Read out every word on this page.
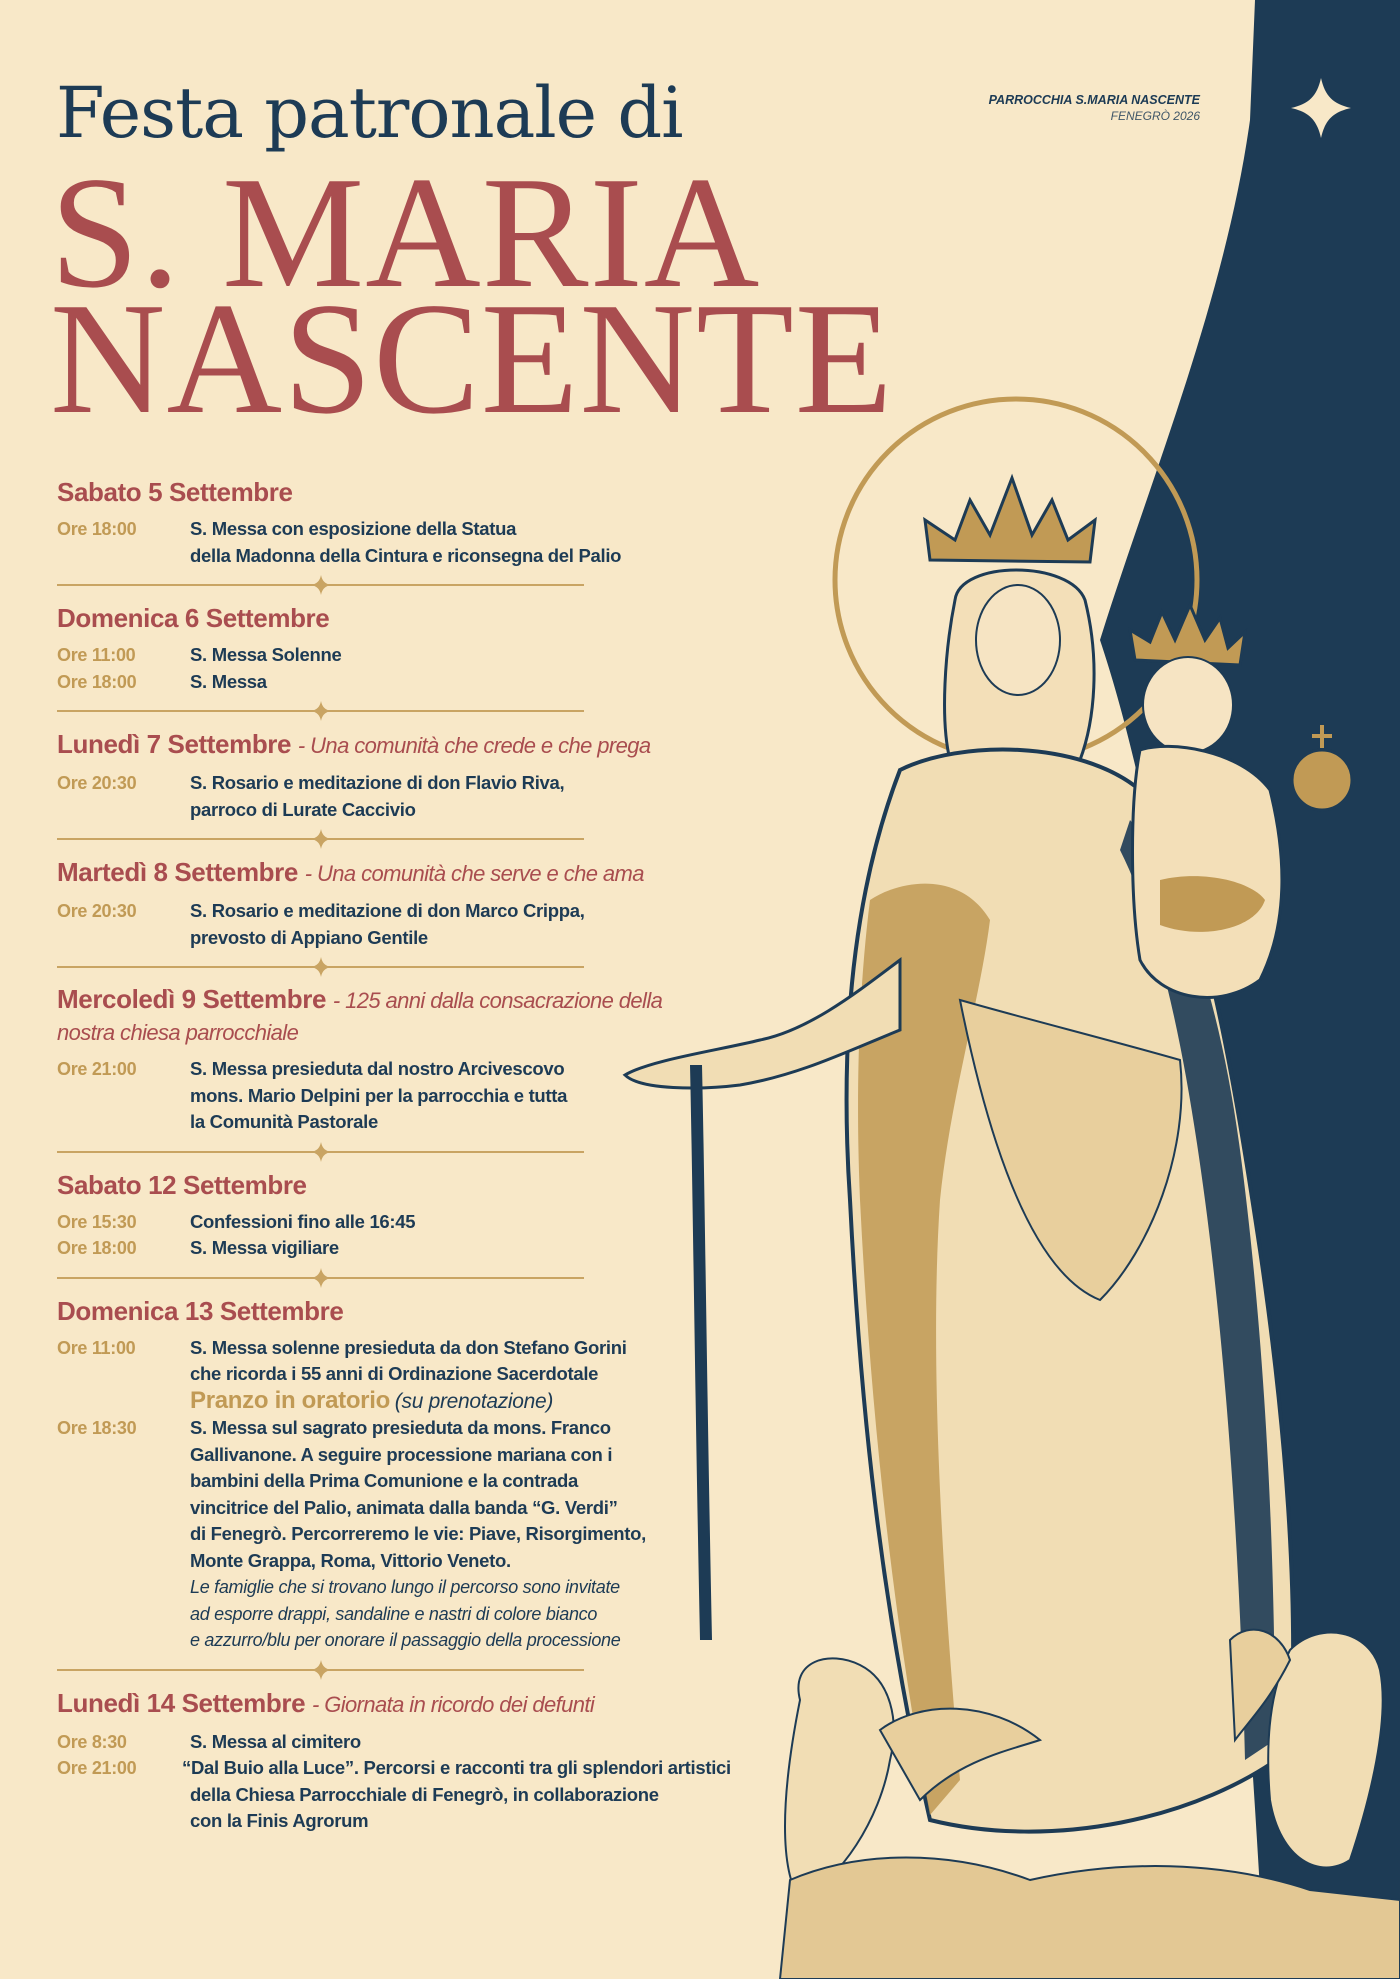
PARROCCHIA S.MARIA NASCENTE
FENEGRÒ 2026
Festa patronale di
S. MARIA
NASCENTE
Sabato 5 Settembre
Ore 18:00	S. Messa con esposizione della Statua
della Madonna della Cintura e riconsegna del Palio
Domenica 6 Settembre
Ore 11:00	S. Messa Solenne
Ore 18:00	S. Messa
Lunedì 7 Settembre - Una comunità che crede e che prega
Ore 20:30	S. Rosario e meditazione di don Flavio Riva,
parroco di Lurate Caccivio
Martedì 8 Settembre - Una comunità che serve e che ama
Ore 20:30	S. Rosario e meditazione di don Marco Crippa,
prevosto di Appiano Gentile
Mercoledì 9 Settembre - 125 anni dalla consacrazione della nostra chiesa parrocchiale
Ore 21:00	S. Messa presieduta dal nostro Arcivescovo
mons. Mario Delpini per la parrocchia e tutta
la Comunità Pastorale
Sabato 12 Settembre
Ore 15:30	Confessioni fino alle 16:45
Ore 18:00	S. Messa vigiliare
Domenica 13 Settembre
Ore 11:00	S. Messa solenne presieduta da don Stefano Gorini
che ricorda i 55 anni di Ordinazione Sacerdotale
Pranzo in oratorio (su prenotazione)
Ore 18:30	S. Messa sul sagrato presieduta da mons. Franco
Gallivanone. A seguire processione mariana con i
bambini della Prima Comunione e la contrada
vincitrice del Palio, animata dalla banda “G. Verdi”
di Fenegrò. Percorreremo le vie: Piave, Risorgimento,
Monte Grappa, Roma, Vittorio Veneto.
Le famiglie che si trovano lungo il percorso sono invitate
ad esporre drappi, sandaline e nastri di colore bianco
e azzurro/blu per onorare il passaggio della processione
Lunedì 14 Settembre - Giornata in ricordo dei defunti
Ore 8:30	S. Messa al cimitero
Ore 21:00	“Dal Buio alla Luce”. Percorsi e racconti tra gli splendori artistici
della Chiesa Parrocchiale di Fenegrò, in collaborazione
con la Finis Agrorum
